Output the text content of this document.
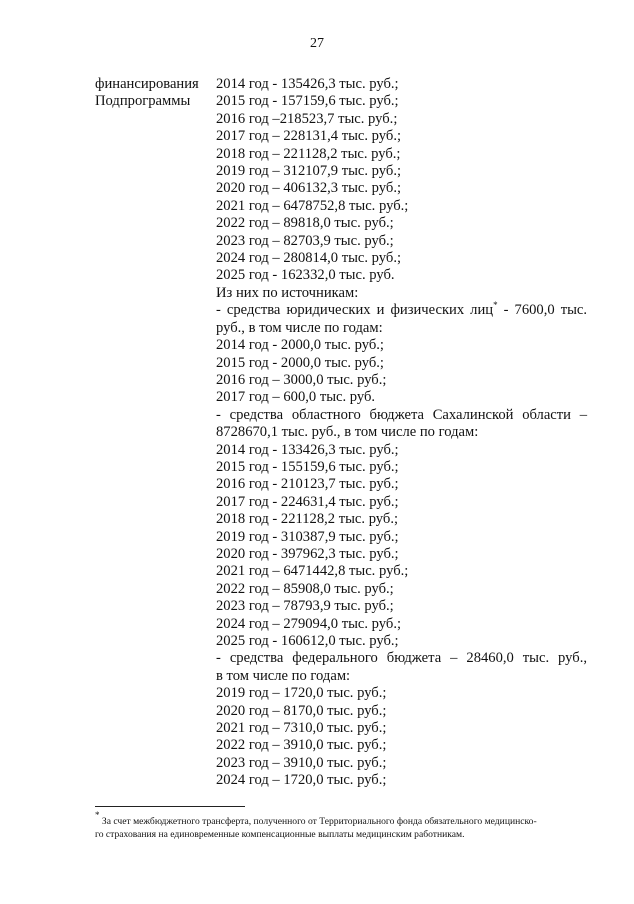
27
финансирования
Подпрограммы
2014 год - 135426,3 тыс. руб.;
2015 год - 157159,6 тыс. руб.;
2016 год –218523,7 тыс. руб.;
2017 год – 228131,4 тыс. руб.;
2018 год – 221128,2 тыс. руб.;
2019 год – 312107,9 тыс. руб.;
2020 год – 406132,3 тыс. руб.;
2021 год – 6478752,8 тыс. руб.;
2022 год – 89818,0 тыс. руб.;
2023 год – 82703,9 тыс. руб.;
2024 год – 280814,0 тыс. руб.;
2025 год - 162332,0 тыс. руб.
Из них по источникам:
- средства юридических и физических лиц* - 7600,0 тыс.
руб., в том числе по годам:
2014 год - 2000,0 тыс. руб.;
2015 год - 2000,0 тыс. руб.;
2016 год – 3000,0 тыс. руб.;
2017 год – 600,0 тыс. руб.
- средства областного бюджета Сахалинской области –
8728670,1 тыс. руб., в том числе по годам:
2014 год - 133426,3 тыс. руб.;
2015 год - 155159,6 тыс. руб.;
2016 год - 210123,7 тыс. руб.;
2017 год - 224631,4 тыс. руб.;
2018 год - 221128,2 тыс. руб.;
2019 год - 310387,9 тыс. руб.;
2020 год - 397962,3 тыс. руб.;
2021 год – 6471442,8 тыс. руб.;
2022 год – 85908,0 тыс. руб.;
2023 год – 78793,9 тыс. руб.;
2024 год – 279094,0 тыс. руб.;
2025 год - 160612,0 тыс. руб.;
- средства федерального бюджета – 28460,0 тыс. руб.,
в том числе по годам:
2019 год – 1720,0 тыс. руб.;
2020 год – 8170,0 тыс. руб.;
2021 год – 7310,0 тыс. руб.;
2022 год – 3910,0 тыс. руб.;
2023 год – 3910,0 тыс. руб.;
2024 год – 1720,0 тыс. руб.;
* За счет межбюджетного трансферта, полученного от Территориального фонда обязательного медицинско-
го страхования на единовременные компенсационные выплаты медицинским работникам.
